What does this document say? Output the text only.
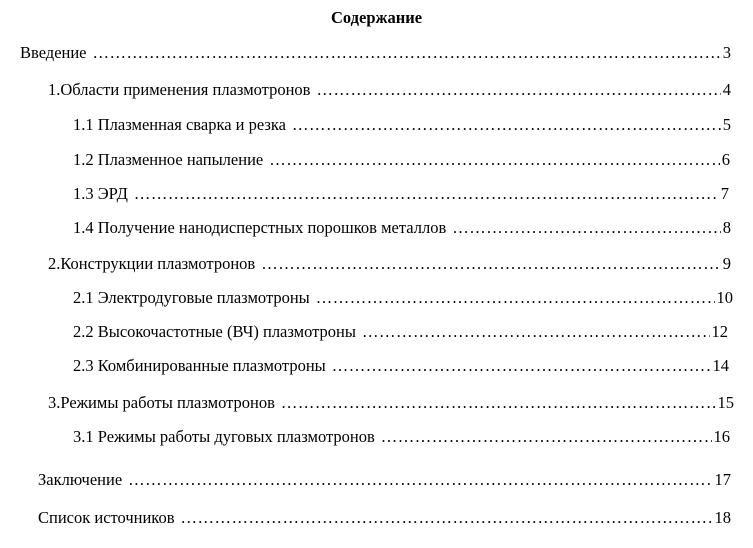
Содержание
Введение ……………………………………………………………………………………………………………………………………………………………………………………………………………………………………	3
1. Области применения плазмотронов ……………………………………………………………………………………………………………………………………………………………………………………………………………………………………	4
1.1 Плазменная сварка и резка ……………………………………………………………………………………………………………………………………………………………………………………………………………………………………	5
1.2 Плазменное напыление ……………………………………………………………………………………………………………………………………………………………………………………………………………………………………	6
1.3 ЭРД ……………………………………………………………………………………………………………………………………………………………………………………………………………………………………	7
1.4 Получение нанодисперстных порошков металлов ……………………………………………………………………………………………………………………………………………………………………………………………………………………………………	8
2. Конструкции плазмотронов ……………………………………………………………………………………………………………………………………………………………………………………………………………………………………	9
2.1 Электродуговые плазмотроны ……………………………………………………………………………………………………………………………………………………………………………………………………………………………………	10
2.2 Высокочастотные (ВЧ) плазмотроны ……………………………………………………………………………………………………………………………………………………………………………………………………………………………………	12
2.3 Комбинированные плазмотроны ……………………………………………………………………………………………………………………………………………………………………………………………………………………………………	14
3. Режимы работы плазмотронов ……………………………………………………………………………………………………………………………………………………………………………………………………………………………………	15
3.1 Режимы работы дуговых плазмотронов ……………………………………………………………………………………………………………………………………………………………………………………………………………………………………	16
Заключение ……………………………………………………………………………………………………………………………………………………………………………………………………………………………………	17
Список источников ……………………………………………………………………………………………………………………………………………………………………………………………………………………………………	18
